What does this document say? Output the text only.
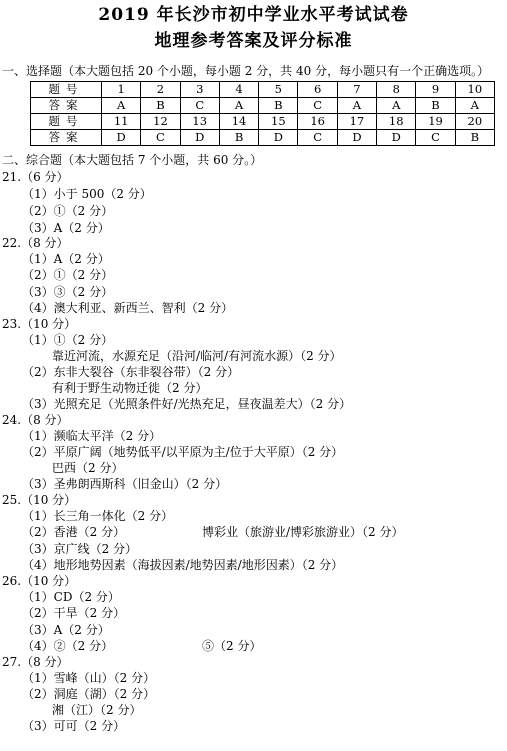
2019 年长沙市初中学业水平考试试卷
地理参考答案及评分标准
一、选择题（本大题包括 20 个小题，每小题 2 分，共 40 分，每小题只有一个正确选项。）
题号	1	2	3	4	5	6	7	8	9	10
答案	A	B	C	A	B	C	A	A	B	A
题号	11	12	13	14	15	16	17	18	19	20
答案	D	C	D	B	D	C	D	D	C	B
二、综合题（本大题包括 7 个小题，共 60 分。）
21.（6 分）
（1）小于 500（2 分）
（2）①（2 分）
（3）A（2 分）
22.（8 分）
（1）A（2 分）
（2）①（2 分）
（3）③（2 分）
（4）澳大利亚、新西兰、智利（2 分）
23.（10 分）
（1）①（2 分）
靠近河流，水源充足（沿河/临河/有河流水源）（2 分）
（2）东非大裂谷（东非裂谷带）（2 分）
有利于野生动物迁徙（2 分）
（3）光照充足（光照条件好/光热充足，昼夜温差大）（2 分）
24.（8 分）
（1）濒临太平洋（2 分）
（2）平原广阔（地势低平/以平原为主/位于大平原）（2 分）
巴西（2 分）
（3）圣弗朗西斯科（旧金山）（2 分）
25.（10 分）
（1）长三角一体化（2 分）
（2）香港（2 分）	博彩业（旅游业/博彩旅游业）（2 分）
（3）京广线（2 分）
（4）地形地势因素（海拔因素/地势因素/地形因素）（2 分）
26.（10 分）
（1）CD（2 分）
（2）干旱（2 分）
（3）A（2 分）
（4）②（2 分）	⑤（2 分）
27.（8 分）
（1）雪峰（山）（2 分）
（2）洞庭（湖）（2 分）
湘（江）（2 分）
（3）可可（2 分）
